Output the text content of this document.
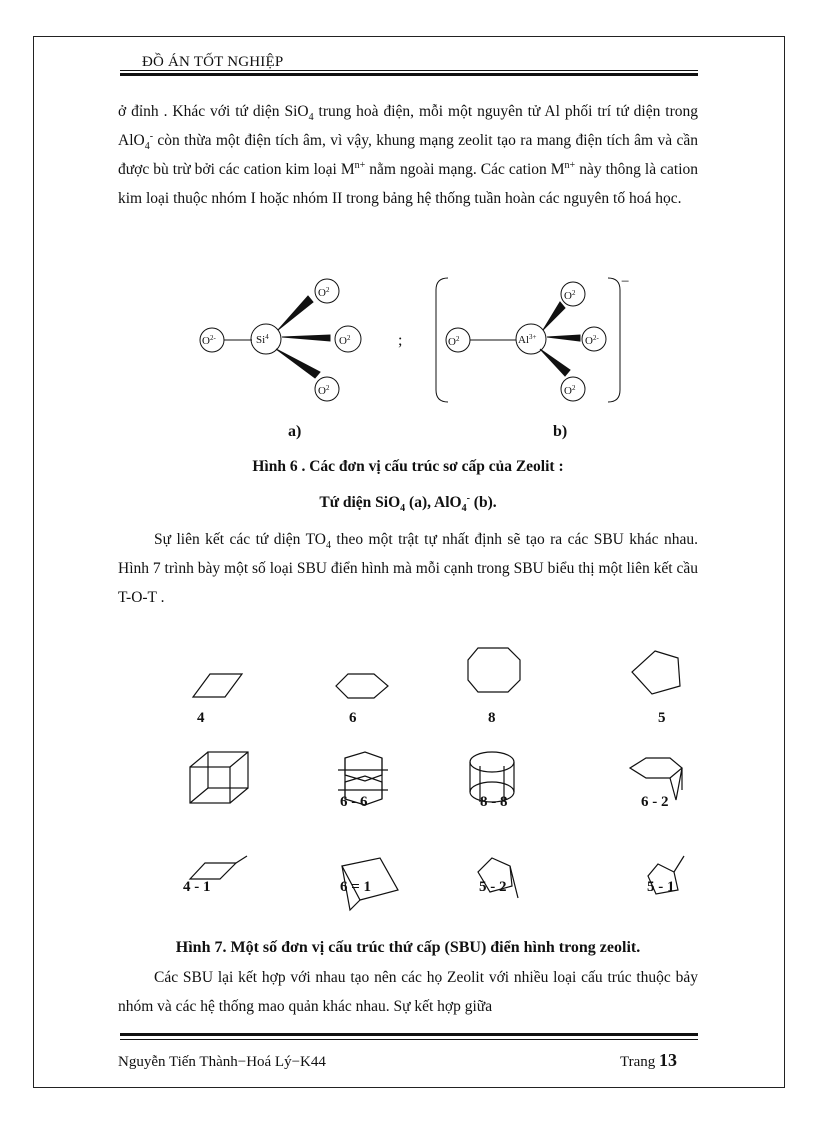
ĐỒ ÁN TỐT NGHIỆP

ở đỉnh . Khác với tứ diện SiO$_4$ trung hoà điện, mỗi một nguyên tử Al phối trí tứ diện trong AlO$_4$- còn thừa một điện tích âm, vì vậy, khung mạng zeolit tạo ra mang điện tích âm và cần được bù trừ bởi các cation kim loại $M^{n+}$ nằm ngoài mạng. Các cation $M^{n+}$ này thông là cation kim loại thuộc nhóm I hoặc nhóm II trong bảng hệ thống tuần hoàn các nguyên tố hoá học.

$O^{2-}$	Si$^4$
$O^2$
$O^2$
$O^2$
;
−
$O^2$	$Al^{3+}$
$O^2$
$O^{2-}$
$O^2$
a)	b)
Hình 6 . Các đơn vị cấu trúc sơ cấp của Zeolit :
Tứ diện SiO$_4$ (a), AlO$_4$- (b).

Sự liên kết các tứ diện $TO_4$ theo một trật tự nhất định sẽ tạo ra các SBU khác nhau. Hình 7 trình bày một số loại SBU điển hình mà mỗi cạnh trong SBU biểu thị một liên kết cầu T-O-T .

4	6	8	5
6 - 6	8 - 8	6 - 2
4 - 1	6 = 1	5 - 2	5 - 1
Hình 7. Một số đơn vị cấu trúc thứ cấp (SBU) điển hình trong zeolit.

Các SBU lại kết hợp với nhau tạo nên các họ Zeolit với nhiều loại cấu trúc thuộc bảy nhóm và các hệ thống mao quản khác nhau. Sự kết hợp giữa

Nguyễn Tiến Thành−Hoá Lý−K44	Trang 13
